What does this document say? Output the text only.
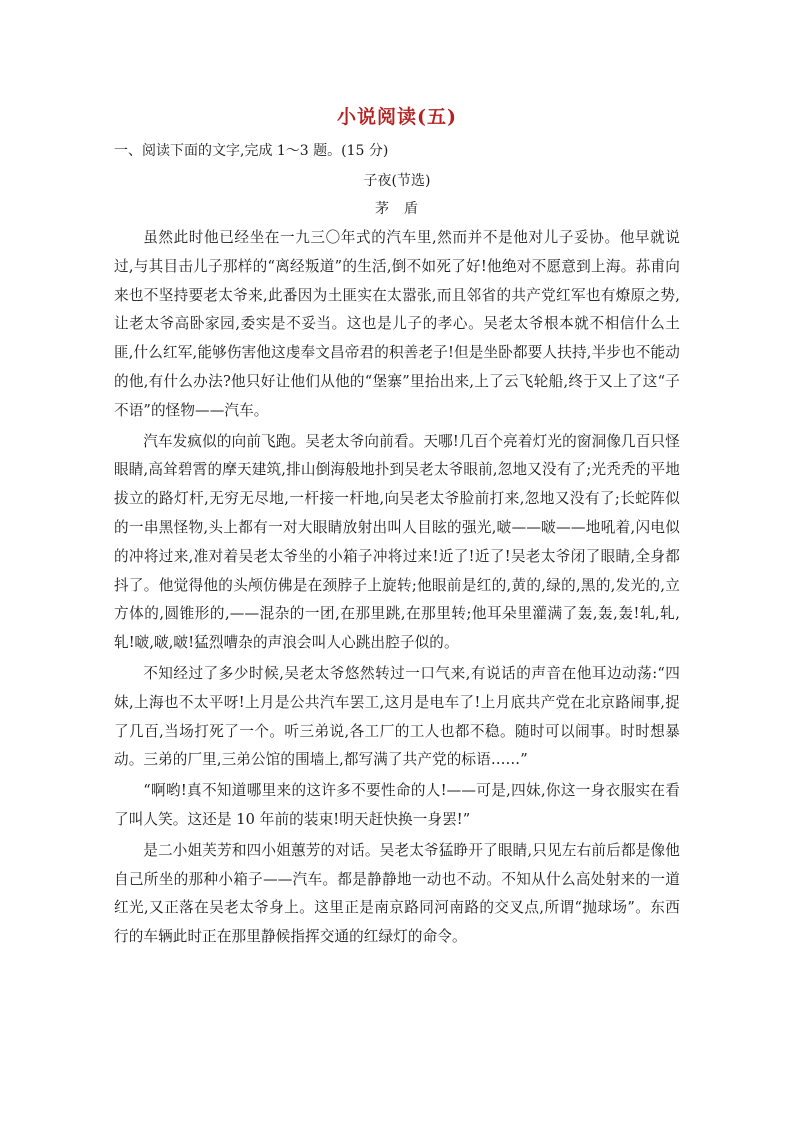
小说阅读(五)

一、阅读下面的文字,完成 1～3 题。(15 分)

子夜(节选)

茅 盾

虽然此时他已经坐在一九三〇年式的汽车里,然而并不是他对儿子妥协。他早就说过,与其目击儿子那样的“离经叛道”的生活,倒不如死了好!他绝对不愿意到上海。荪甫向来也不坚持要老太爷来,此番因为土匪实在太嚣张,而且邻省的共产党红军也有燎原之势,让老太爷高卧家园,委实是不妥当。这也是儿子的孝心。吴老太爷根本就不相信什么土匪,什么红军,能够伤害他这虔奉文昌帝君的积善老子!但是坐卧都要人扶持,半步也不能动的他,有什么办法?他只好让他们从他的“堡寨”里抬出来,上了云飞轮船,终于又上了这“子不语”的怪物——汽车。

汽车发疯似的向前飞跑。吴老太爷向前看。天哪!几百个亮着灯光的窗洞像几百只怪眼睛,高耸碧霄的摩天建筑,排山倒海般地扑到吴老太爷眼前,忽地又没有了;光秃秃的平地拔立的路灯杆,无穷无尽地,一杆接一杆地,向吴老太爷脸前打来,忽地又没有了;长蛇阵似的一串黑怪物,头上都有一对大眼睛放射出叫人目眩的强光,啵——啵——地吼着,闪电似的冲将过来,准对着吴老太爷坐的小箱子冲将过来!近了!近了!吴老太爷闭了眼睛,全身都抖了。他觉得他的头颅仿佛是在颈脖子上旋转;他眼前是红的,黄的,绿的,黑的,发光的,立方体的,圆锥形的,——混杂的一团,在那里跳,在那里转;他耳朵里灌满了轰,轰,轰!轧,轧,轧!啵,啵,啵!猛烈嘈杂的声浪会叫人心跳出腔子似的。

不知经过了多少时候,吴老太爷悠然转过一口气来,有说话的声音在他耳边动荡:“四妹,上海也不太平呀!上月是公共汽车罢工,这月是电车了!上月底共产党在北京路闹事,捉了几百,当场打死了一个。听三弟说,各工厂的工人也都不稳。随时可以闹事。时时想暴动。三弟的厂里,三弟公馆的围墙上,都写满了共产党的标语……”

“啊哟!真不知道哪里来的这许多不要性命的人!——可是,四妹,你这一身衣服实在看了叫人笑。这还是 10 年前的装束!明天赶快换一身罢!”

是二小姐芙芳和四小姐蕙芳的对话。吴老太爷猛睁开了眼睛,只见左右前后都是像他自己所坐的那种小箱子——汽车。都是静静地一动也不动。不知从什么高处射来的一道红光,又正落在吴老太爷身上。这里正是南京路同河南路的交叉点,所谓“抛球场”。东西行的车辆此时正在那里静候指挥交通的红绿灯的命令。
